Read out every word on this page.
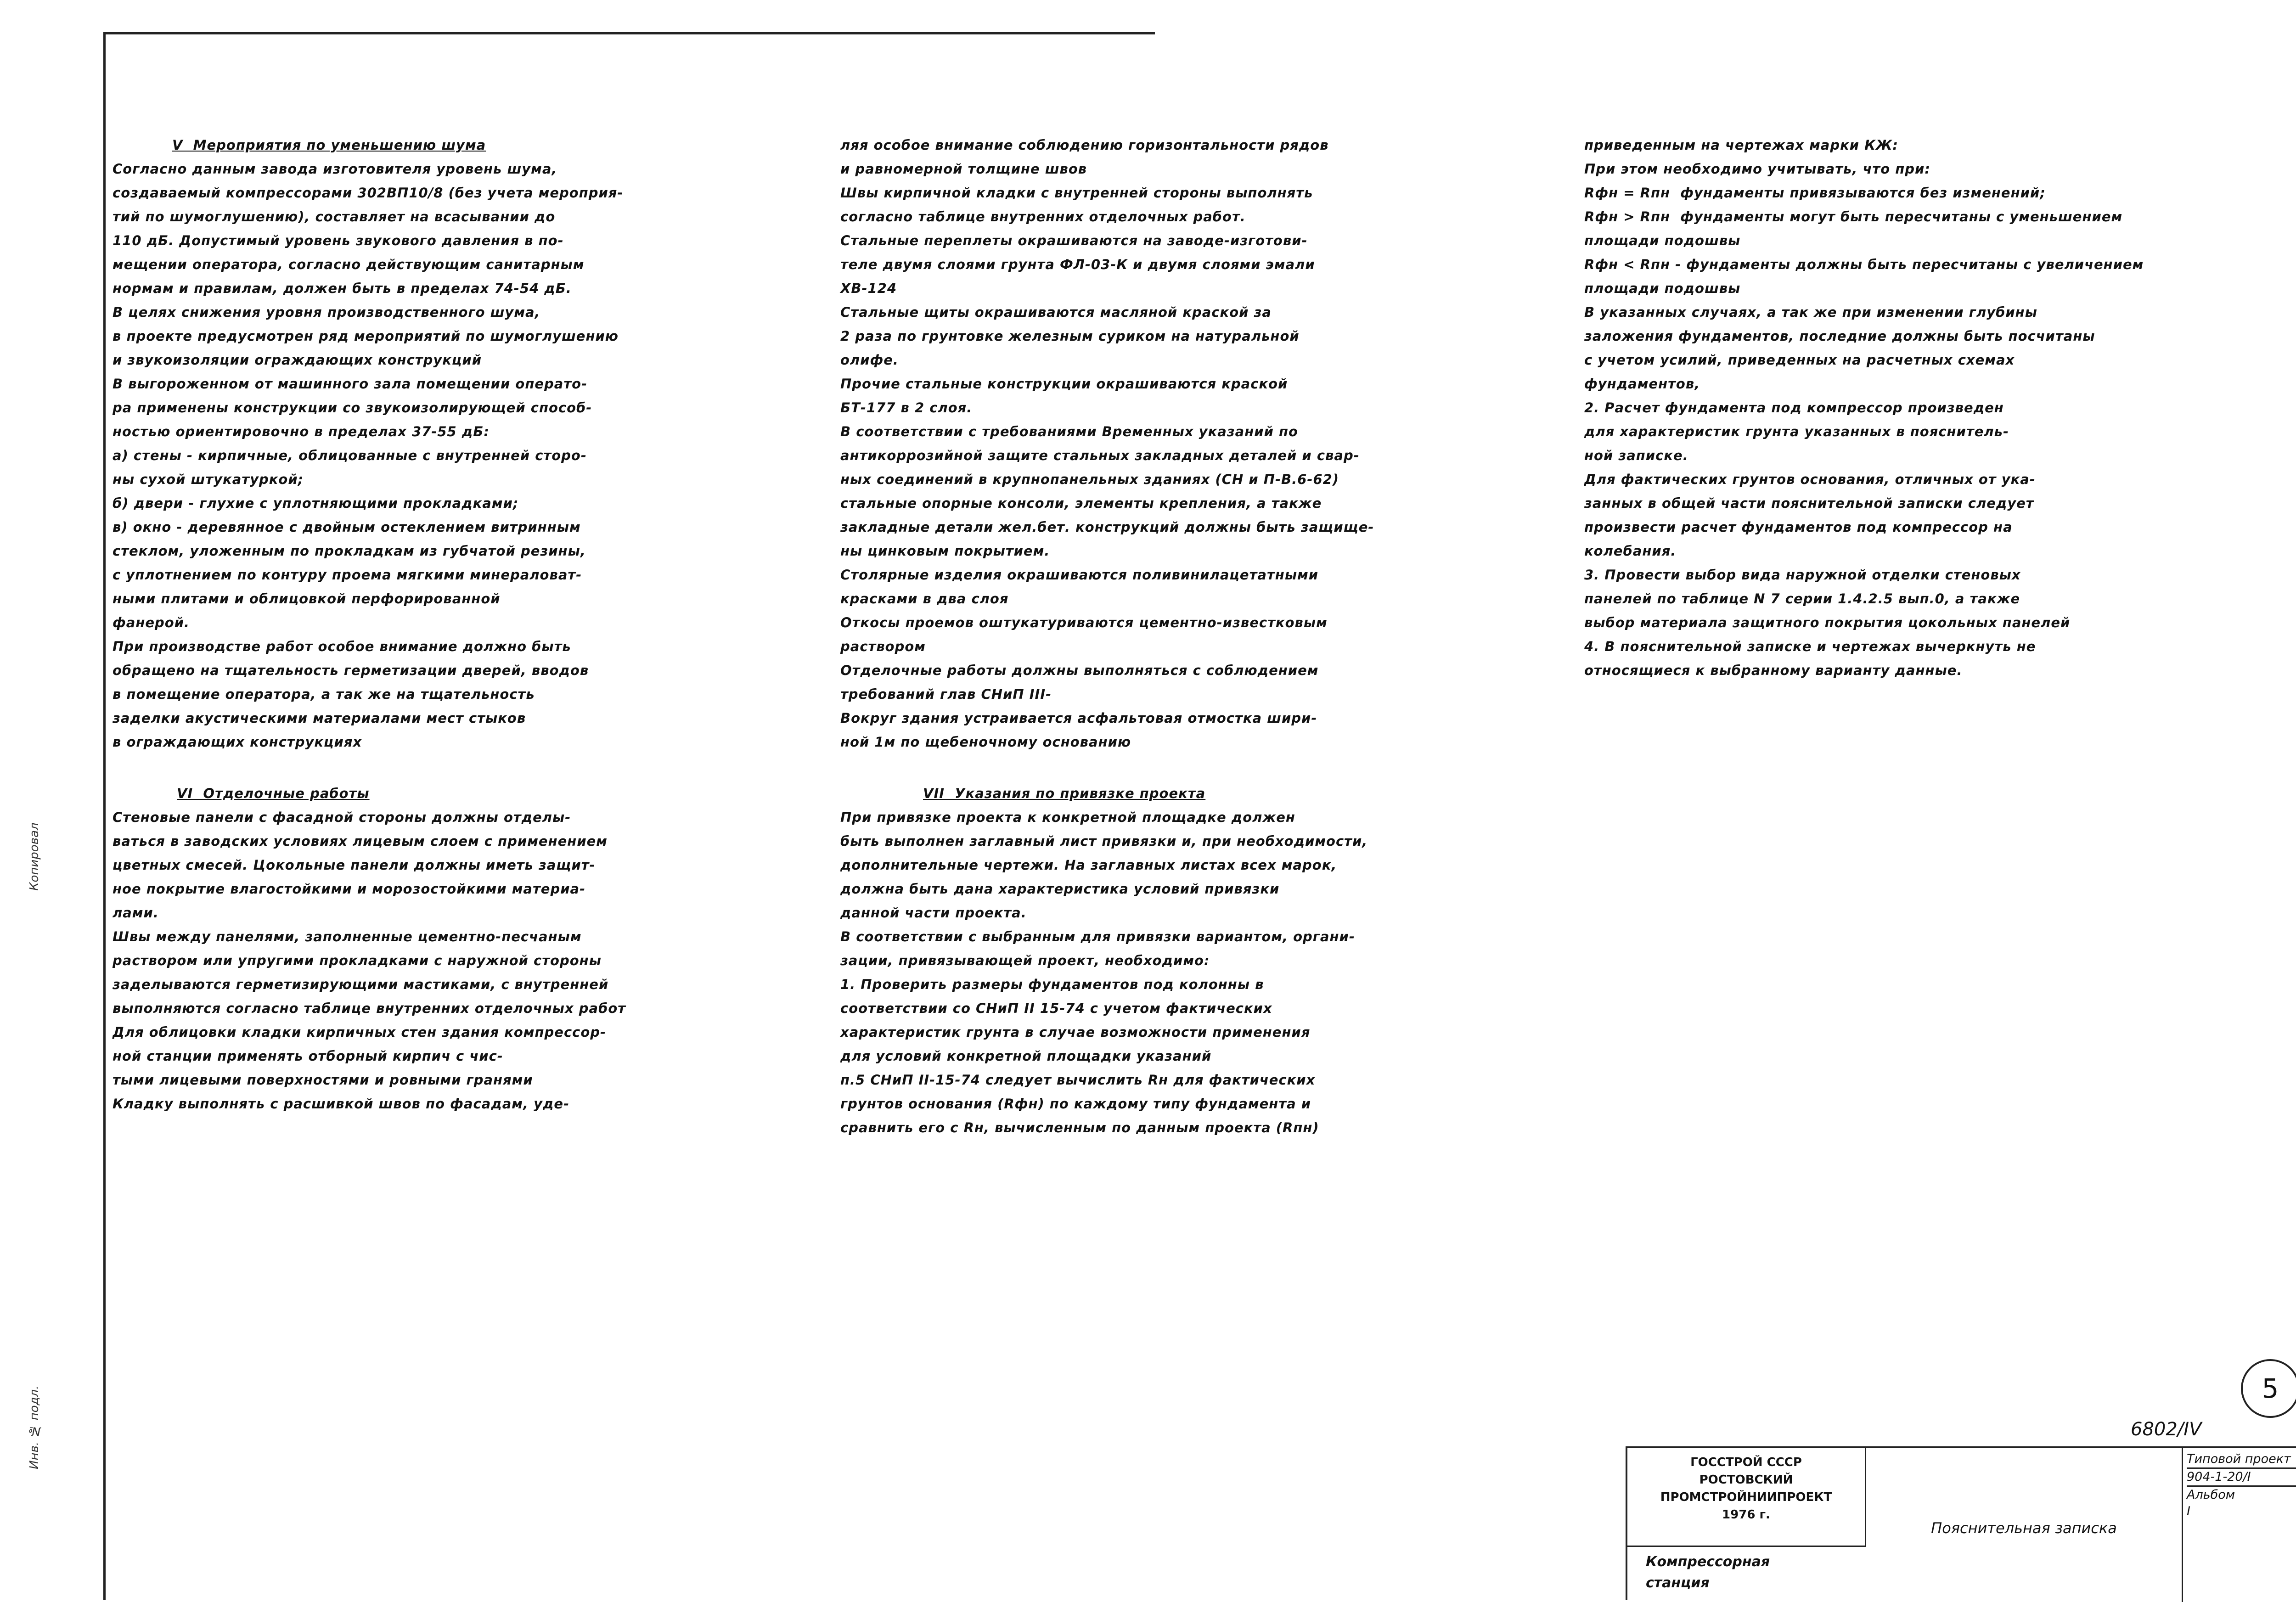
Копировал
Инв. № подл.

V  Мероприятия по уменьшению шума

Согласно данным завода изготовителя уровень шума,

создаваемый компрессорами 302ВП10/8 (без учета мероприя-

тий по шумоглушению), составляет на всасывании до

110 дБ. Допустимый уровень звукового давления в по-

мещении оператора, согласно действующим санитарным

нормам и правилам, должен быть в пределах 74-54 дБ.

В целях снижения уровня производственного шума,

в проекте предусмотрен ряд мероприятий по шумоглушению

и звукоизоляции ограждающих конструкций

В выгороженном от машинного зала помещении операто-

ра применены конструкции со звукоизолирующей способ-

ностью ориентировочно в пределах 37-55 дБ:

а) стены - кирпичные, облицованные с внутренней сторо-

ны сухой штукатуркой;

б) двери - глухие с уплотняющими прокладками;

в) окно - деревянное с двойным остеклением витринным

стеклом, уложенным по прокладкам из губчатой резины,

с уплотнением по контуру проема мягкими минераловат-

ными плитами и облицовкой перфорированной

фанерой.

При производстве работ особое внимание должно быть

обращено на тщательность герметизации дверей, вводов

в помещение оператора, а так же на тщательность

заделки акустическими материалами мест стыков

в ограждающих конструкциях

VI  Отделочные работы

Стеновые панели с фасадной стороны должны отделы-

ваться в заводских условиях лицевым слоем с применением

цветных смесей. Цокольные панели должны иметь защит-

ное покрытие влагостойкими и морозостойкими материа-

лами.

Швы между панелями, заполненные цементно-песчаным

раствором или упругими прокладками с наружной стороны

заделываются герметизирующими мастиками, с внутренней

выполняются согласно таблице внутренних отделочных работ

Для облицовки кладки кирпичных стен здания компрессор-

ной станции применять отборный кирпич с чис-

тыми лицевыми поверхностями и ровными гранями

Кладку выполнять с расшивкой швов по фасадам, уде-

ляя особое внимание соблюдению горизонтальности рядов

и равномерной толщине швов

Швы кирпичной кладки с внутренней стороны выполнять

согласно таблице внутренних отделочных работ.

Стальные переплеты окрашиваются на заводе-изготови-

теле двумя слоями грунта ФЛ-03-К и двумя слоями эмали

ХВ-124

Стальные щиты окрашиваются масляной краской за

2 раза по грунтовке железным суриком на натуральной

олифе.

Прочие стальные конструкции окрашиваются краской

БТ-177 в 2 слоя.

В соответствии с требованиями Временных указаний по

антикоррозийной защите стальных закладных деталей и свар-

ных соединений в крупнопанельных зданиях (СН и П-В.6-62)

стальные опорные консоли, элементы крепления, а также

закладные детали жел.бет. конструкций должны быть защище-

ны цинковым покрытием.

Столярные изделия окрашиваются поливинилацетатными

красками в два слоя

Откосы проемов оштукатуриваются цементно-известковым

раствором

Отделочные работы должны выполняться с соблюдением

требований глав СНиП III-

Вокруг здания устраивается асфальтовая отмостка шири-

ной 1м по щебеночному основанию

VII  Указания по привязке проекта

При привязке проекта к конкретной площадке должен

быть выполнен заглавный лист привязки и, при необходимости,

дополнительные чертежи. На заглавных листах всех марок,

должна быть дана характеристика условий привязки

данной части проекта.

В соответствии с выбранным для привязки вариантом, органи-

зации, привязывающей проект, необходимо:

1. Проверить размеры фундаментов под колонны в

соответствии со СНиП II 15-74 с учетом фактических

характеристик грунта в случае возможности применения

для условий конкретной площадки указаний

п.5 СНиП II-15-74 следует вычислить Rн для фактических

грунтов основания (Rфн) по каждому типу фундамента и

сравнить его с Rн, вычисленным по данным проекта (Rпн)

приведенным на чертежах марки КЖ:

При этом необходимо учитывать, что при:

Rфн = Rпн  фундаменты привязываются без изменений;

Rфн > Rпн  фундаменты могут быть пересчитаны с уменьшением

площади подошвы

Rфн < Rпн - фундаменты должны быть пересчитаны с увеличением

площади подошвы

В указанных случаях, а так же при изменении глубины

заложения фундаментов, последние должны быть посчитаны

с учетом усилий, приведенных на расчетных схемах

фундаментов,

2. Расчет фундамента под компрессор произведен

для характеристик грунта указанных в пояснитель-

ной записке.

Для фактических грунтов основания, отличных от ука-

занных в общей части пояснительной записки следует

произвести расчет фундаментов под компрессор на

колебания.

3. Провести выбор вида наружной отделки стеновых

панелей по таблице N 7 серии 1.4.2.5 вып.0, а также

выбор материала защитного покрытия цокольных панелей

4. В пояснительной записке и чертежах вычеркнуть не

относящиеся к выбранному варианту данные.

5
6802/IV
ГОССТРОЙ СССР
РОСТОВСКИЙ
ПРОМСТРОЙНИИПРОЕКТ
1976 г.
Компрессорная
станция
Пояснительная записка
Типовой проект
904-1-20/I
Альбом
I
